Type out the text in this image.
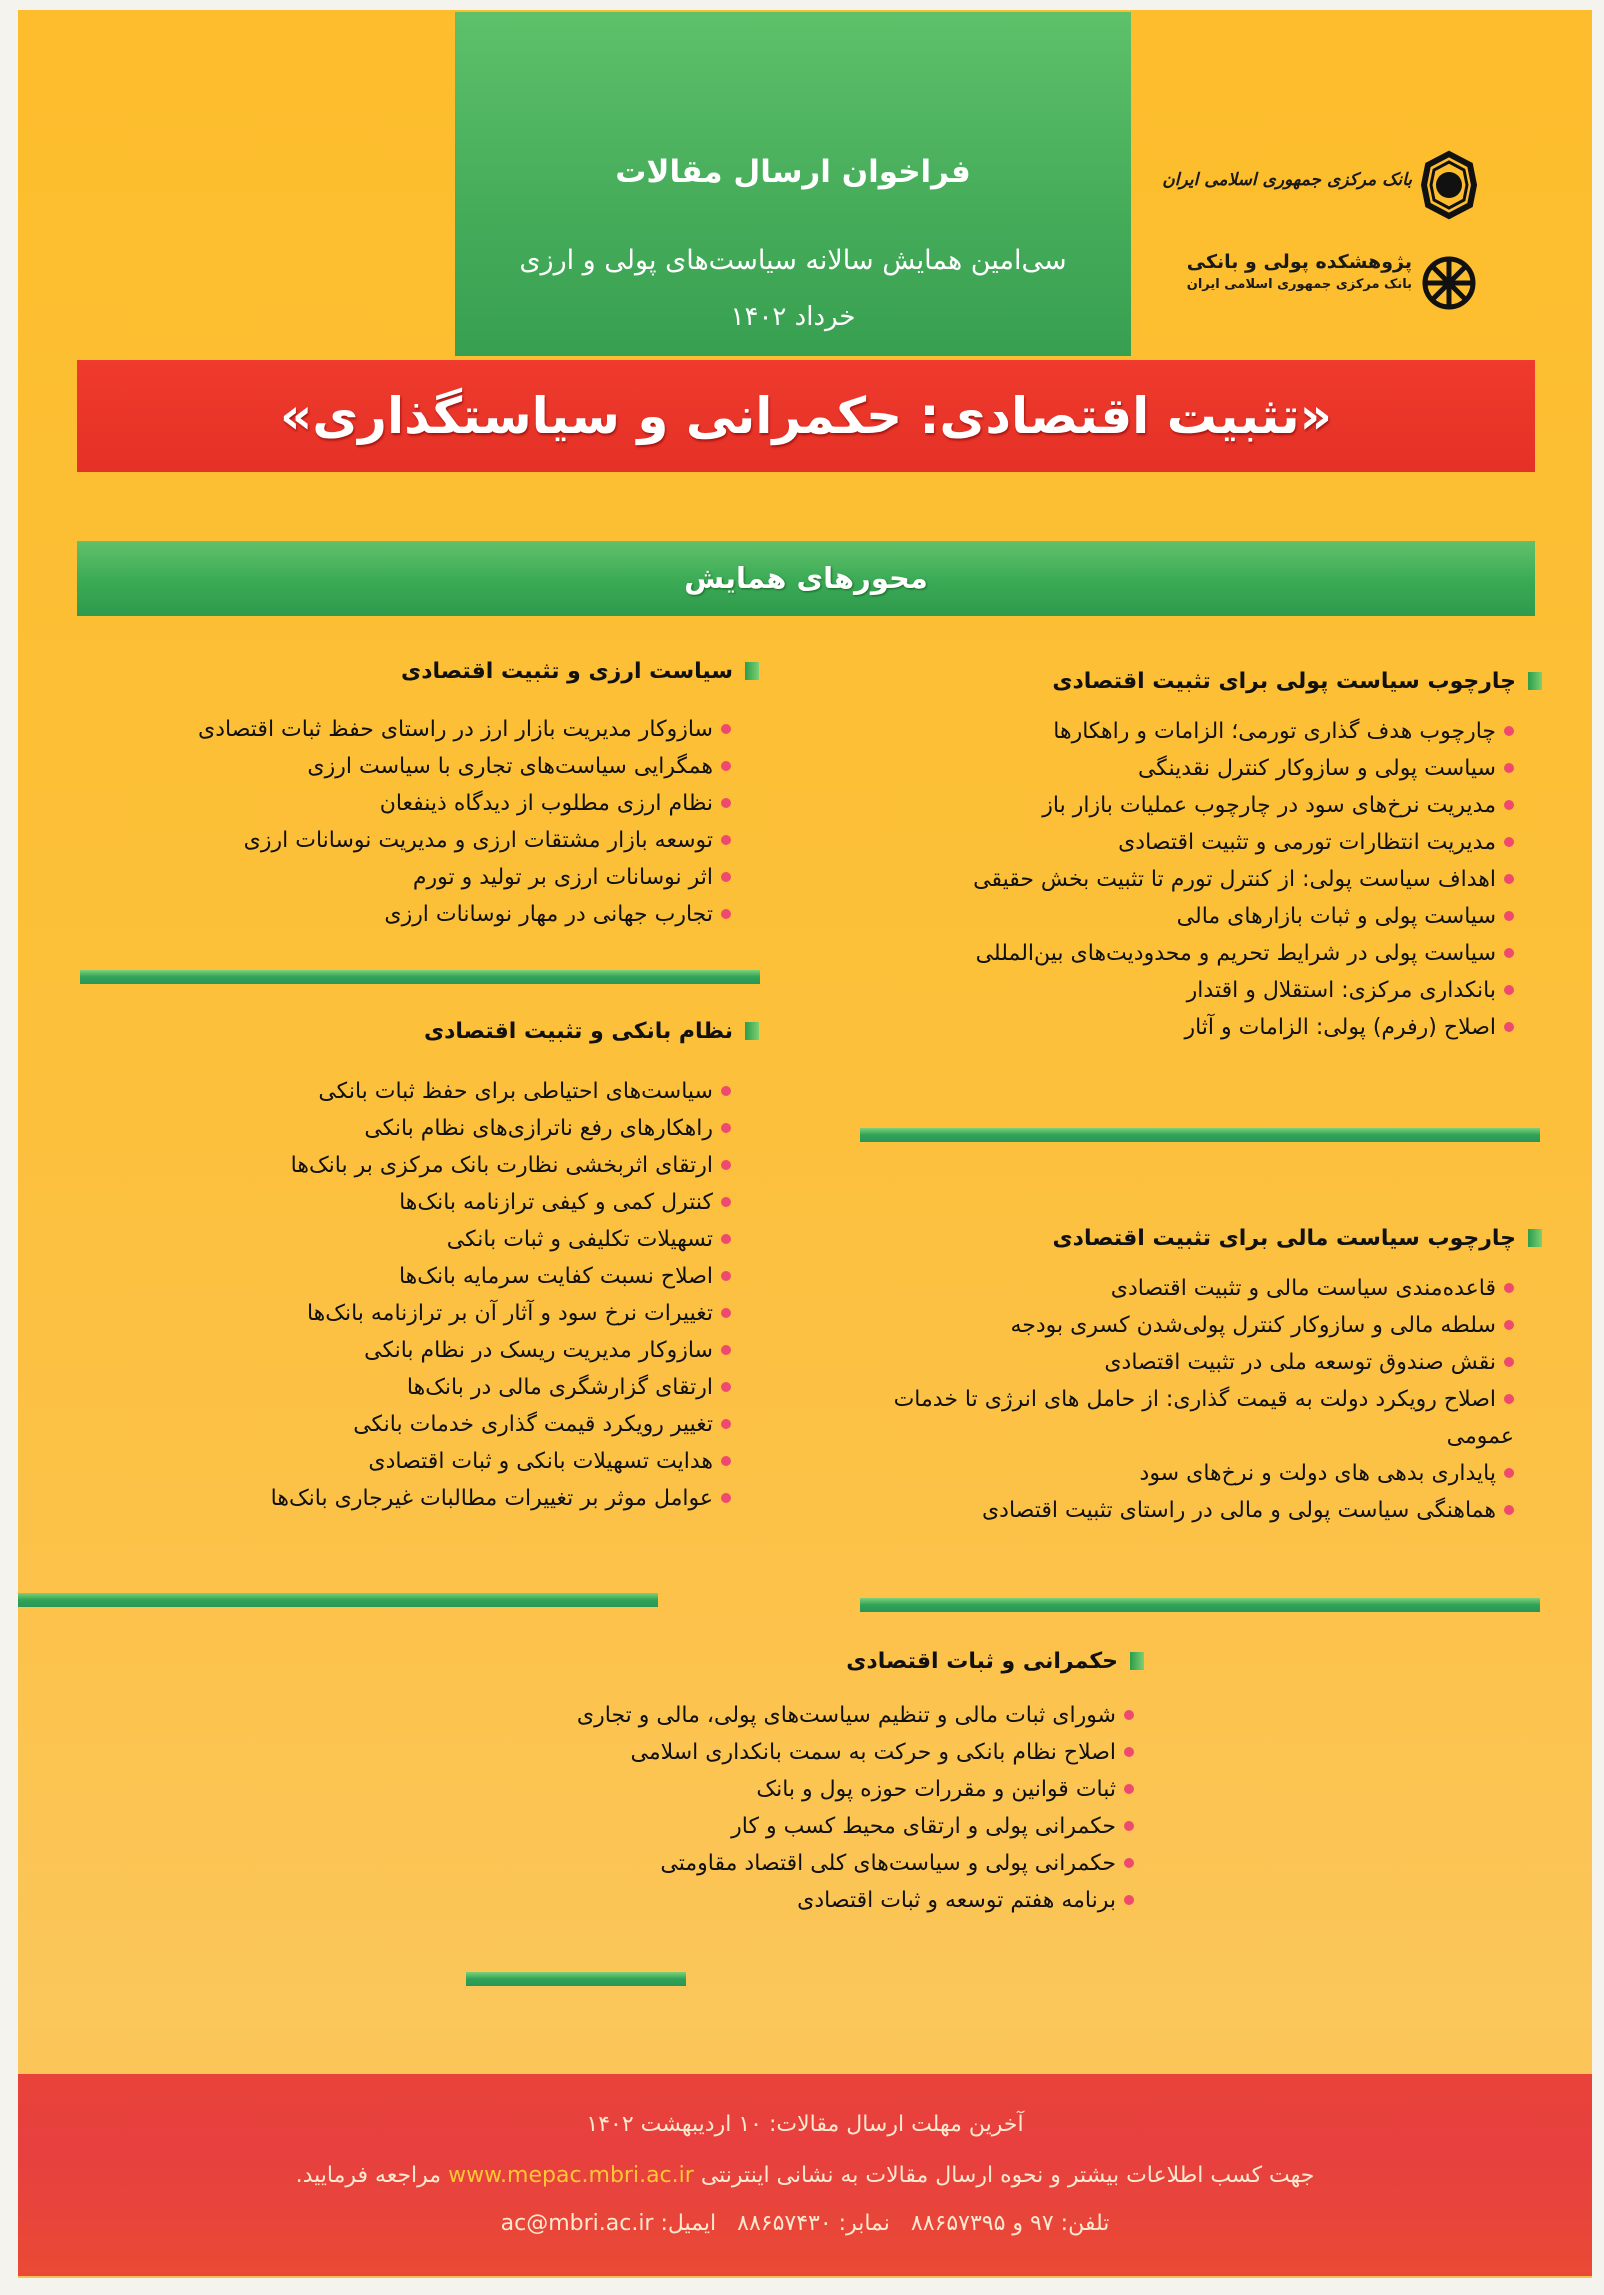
فراخوان ارسال مقالات
سی‌امین همایش سالانه سیاست‌های پولی و ارزی
خرداد ۱۴۰۲
بانک مرکزی جمهوری اسلامی ایران
پژوهشکده پولی و بانکی
بانک مرکزی جمهوری اسلامی ایران
«تثبیت اقتصادی: حکمرانی و سیاستگذاری»
محورهای همایش
چارچوب سیاست پولی برای تثبیت اقتصادی
چارچوب هدف گذاری تورمی؛ الزامات و راهکارها
سیاست پولی و سازوکار کنترل نقدینگی
مدیریت نرخ‌های سود در چارچوب عملیات بازار باز
مدیریت انتظارات تورمی و تثبیت اقتصادی
اهداف سیاست پولی: از کنترل تورم تا تثبیت بخش حقیقی
سیاست پولی و ثبات بازارهای مالی
سیاست پولی در شرایط تحریم و محدودیت‌های بین‌المللی
بانکداری مرکزی: استقلال و اقتدار
اصلاح (رفرم) پولی: الزامات و آثار
چارچوب سیاست مالی برای تثبیت اقتصادی
قاعده‌مندی سیاست مالی و تثبیت اقتصادی
سلطه مالی و سازوکار کنترل پولی‌شدن کسری بودجه
نقش صندوق توسعه ملی در تثبیت اقتصادی
اصلاح رویکرد دولت به قیمت گذاری: از حامل های انرژی تا خدمات عمومی
پایداری بدهی های دولت و نرخ‌های سود
هماهنگی سیاست پولی و مالی در راستای تثبیت اقتصادی
سیاست ارزی و تثبیت اقتصادی
سازوکار مدیریت بازار ارز در راستای حفظ ثبات اقتصادی
همگرایی سیاست‌های تجاری با سیاست ارزی
نظام ارزی مطلوب از دیدگاه ذینفعان
توسعه بازار مشتقات ارزی و مدیریت نوسانات ارزی
اثر نوسانات ارزی بر تولید و تورم
تجارب جهانی در مهار نوسانات ارزی
نظام بانکی و تثبیت اقتصادی
سیاست‌های احتیاطی برای حفظ ثبات بانکی
راهکارهای رفع ناترازی‌های نظام بانکی
ارتقای اثربخشی نظارت بانک مرکزی بر بانک‌ها
کنترل کمی و کیفی ترازنامه بانک‌ها
تسهیلات تکلیفی و ثبات بانکی
اصلاح نسبت کفایت سرمایه بانک‌ها
تغییرات نرخ سود و آثار آن بر ترازنامه بانک‌ها
سازوکار مدیریت ریسک در نظام بانکی
ارتقای گزارشگری مالی در بانک‌ها
تغییر رویکرد قیمت گذاری خدمات بانکی
هدایت تسهیلات بانکی و ثبات اقتصادی
عوامل موثر بر تغییرات مطالبات غیرجاری بانک‌ها
حکمرانی و ثبات اقتصادی
شورای ثبات مالی و تنظیم سیاست‌های پولی، مالی و تجاری
اصلاح نظام بانکی و حرکت به سمت بانکداری اسلامی
ثبات قوانین و مقررات حوزه پول و بانک
حکمرانی پولی و ارتقای محیط کسب و کار
حکمرانی پولی و سیاست‌های کلی اقتصاد مقاومتی
برنامه هفتم توسعه و ثبات اقتصادی
آخرین مهلت ارسال مقالات: ۱۰ اردیبهشت ۱۴۰۲
جهت کسب اطلاعات بیشتر و نحوه ارسال مقالات به نشانی اینترنتی www.mepac.mbri.ac.ir مراجعه فرمایید.
تلفن: ۹۷ و ۸۸۶۵۷۳۹۵   نمابر: ۸۸۶۵۷۴۳۰   ایمیل: ac@mbri.ac.ir
